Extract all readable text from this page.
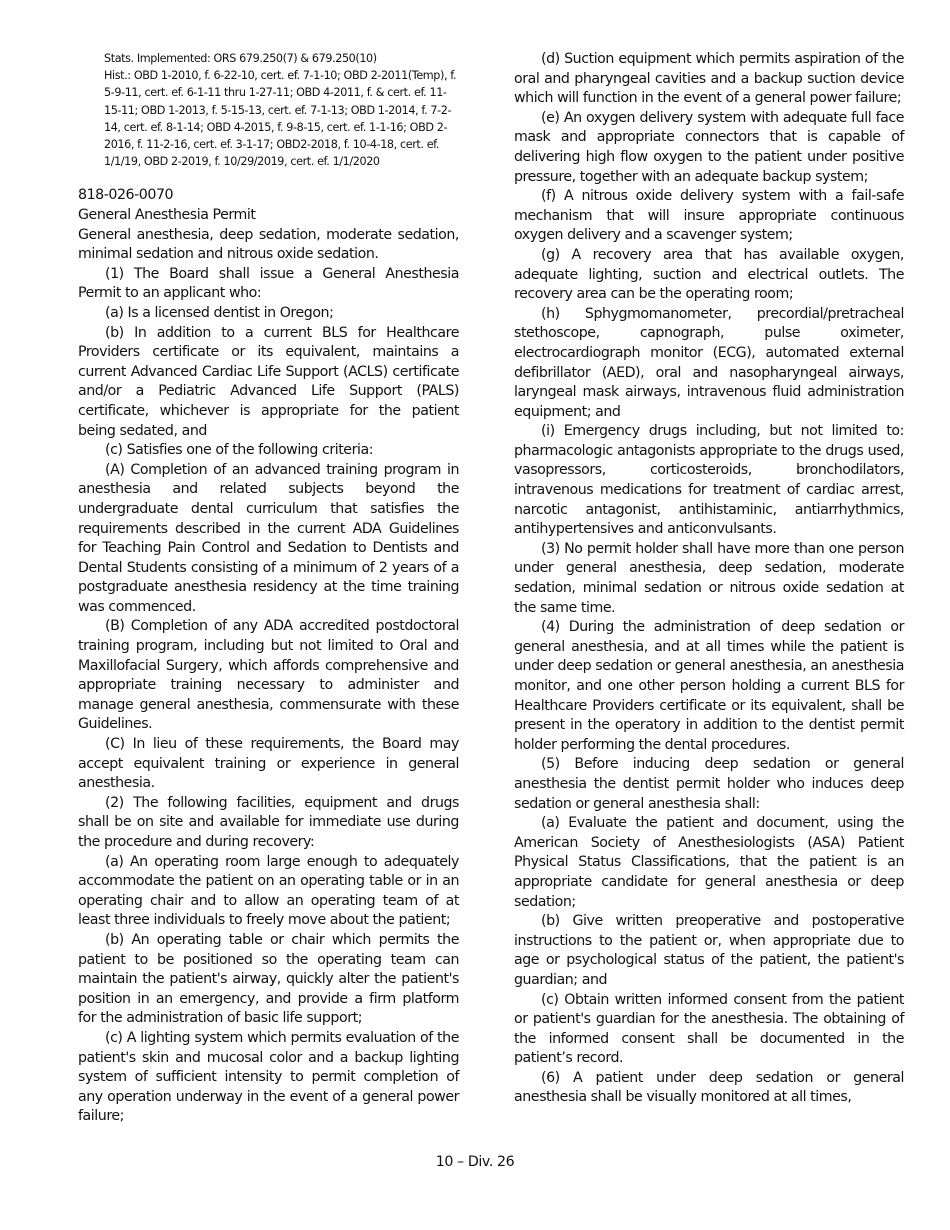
Stats. Implemented: ORS 679.250(7) & 679.250(10)
Hist.: OBD 1-2010, f. 6-22-10, cert. ef. 7-1-10; OBD 2-2011(Temp), f. 5-9-11, cert. ef. 6-1-11 thru 1-27-11; OBD 4-2011, f. & cert. ef. 11-15-11; OBD 1-2013, f. 5-15-13, cert. ef. 7-1-13; OBD 1-2014, f. 7-2-14, cert. ef. 8-1-14; OBD 4-2015, f. 9-8-15, cert. ef. 1-1-16; OBD 2-2016, f. 11-2-16, cert. ef. 3-1-17; OBD2-2018, f. 10-4-18, cert. ef. 1/1/19, OBD 2-2019, f. 10/29/2019, cert. ef. 1/1/2020
818-026-0070
General Anesthesia Permit

General anesthesia, deep sedation, moderate sedation, minimal sedation and nitrous oxide sedation.

(1) The Board shall issue a General Anesthesia Permit to an applicant who:

(a) Is a licensed dentist in Oregon;

(b) In addition to a current BLS for Healthcare Providers certificate or its equivalent, maintains a current Advanced Cardiac Life Support (ACLS) certificate and/or a Pediatric Advanced Life Support (PALS) certificate, whichever is appropriate for the patient being sedated, and

(c) Satisfies one of the following criteria:

(A) Completion of an advanced training program in anesthesia and related subjects beyond the undergraduate dental curriculum that satisfies the requirements described in the current ADA Guidelines for Teaching Pain Control and Sedation to Dentists and Dental Students consisting of a minimum of 2 years of a postgraduate anesthesia residency at the time training was commenced.

(B) Completion of any ADA accredited postdoctoral training program, including but not limited to Oral and Maxillofacial Surgery, which affords comprehensive and appropriate training necessary to administer and manage general anesthesia, commensurate with these Guidelines.

(C) In lieu of these requirements, the Board may accept equivalent training or experience in general anesthesia.

(2) The following facilities, equipment and drugs shall be on site and available for immediate use during the procedure and during recovery:

(a) An operating room large enough to adequately accommodate the patient on an operating table or in an operating chair and to allow an operating team of at least three individuals to freely move about the patient;

(b) An operating table or chair which permits the patient to be positioned so the operating team can maintain the patient's airway, quickly alter the patient's position in an emergency, and provide a firm platform for the administration of basic life support;

(c) A lighting system which permits evaluation of the patient's skin and mucosal color and a backup lighting system of sufficient intensity to permit completion of any operation underway in the event of a general power failure;

(d) Suction equipment which permits aspiration of the oral and pharyngeal cavities and a backup suction device which will function in the event of a general power failure;

(e) An oxygen delivery system with adequate full face mask and appropriate connectors that is capable of delivering high flow oxygen to the patient under positive pressure, together with an adequate backup system;

(f) A nitrous oxide delivery system with a fail-safe mechanism that will insure appropriate continuous oxygen delivery and a scavenger system;

(g) A recovery area that has available oxygen, adequate lighting, suction and electrical outlets. The recovery area can be the operating room;

(h) Sphygmomanometer, precordial/pretracheal stethoscope, capnograph, pulse oximeter, electrocardiograph monitor (ECG), automated external defibrillator (AED), oral and nasopharyngeal airways, laryngeal mask airways, intravenous fluid administration equipment; and

(i) Emergency drugs including, but not limited to: pharmacologic antagonists appropriate to the drugs used, vasopressors, corticosteroids, bronchodilators, intravenous medications for treatment of cardiac arrest, narcotic antagonist, antihistaminic, antiarrhythmics, antihypertensives and anticonvulsants.

(3) No permit holder shall have more than one person under general anesthesia, deep sedation, moderate sedation, minimal sedation or nitrous oxide sedation at the same time.

(4) During the administration of deep sedation or general anesthesia, and at all times while the patient is under deep sedation or general anesthesia, an anesthesia monitor, and one other person holding a current BLS for Healthcare Providers certificate or its equivalent, shall be present in the operatory in addition to the dentist permit holder performing the dental procedures.

(5) Before inducing deep sedation or general anesthesia the dentist permit holder who induces deep sedation or general anesthesia shall:

(a) Evaluate the patient and document, using the American Society of Anesthesiologists (ASA) Patient Physical Status Classifications, that the patient is an appropriate candidate for general anesthesia or deep sedation;

(b) Give written preoperative and postoperative instructions to the patient or, when appropriate due to age or psychological status of the patient, the patient's guardian; and

(c) Obtain written informed consent from the patient or patient's guardian for the anesthesia. The obtaining of the informed consent shall be documented in the patient’s record.

(6) A patient under deep sedation or general anesthesia shall be visually monitored at all times,

10 – Div. 26
